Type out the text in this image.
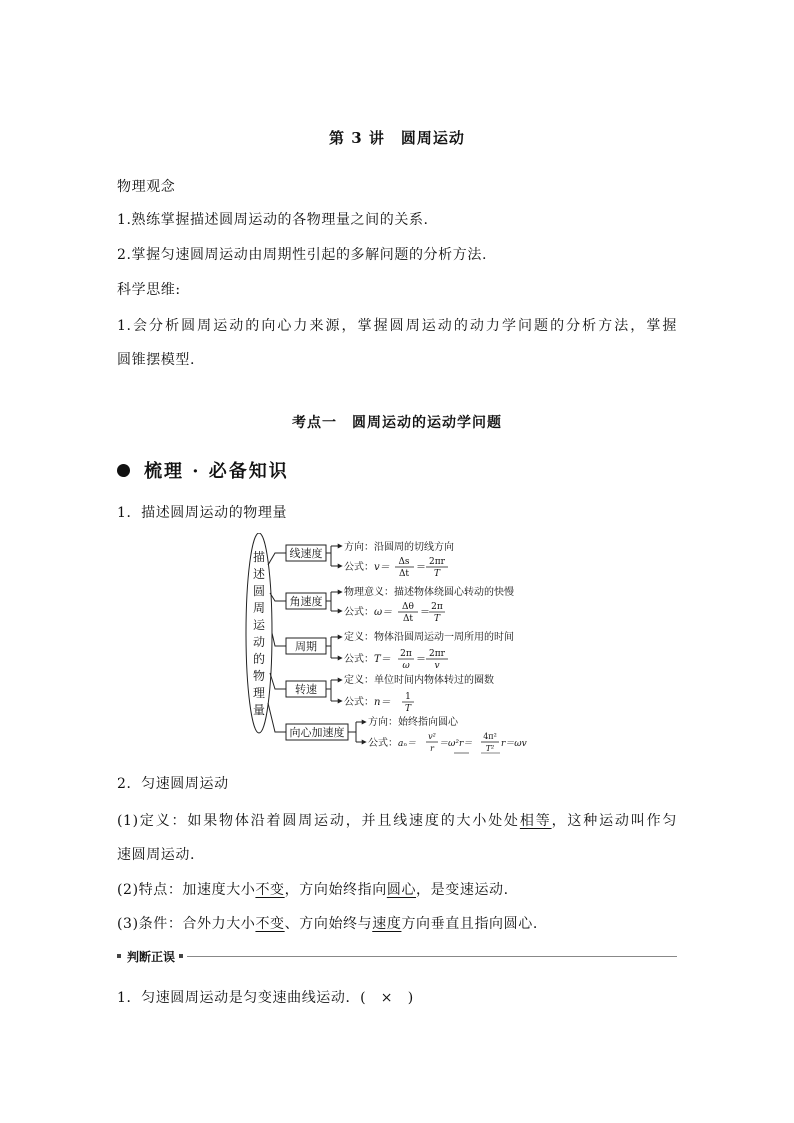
第 3 讲　圆周运动
物理观念
1.熟练掌握描述圆周运动的各物理量之间的关系.
2.掌握匀速圆周运动由周期性引起的多解问题的分析方法.
科学思维:
1.会分析圆周运动的向心力来源，掌握圆周运动的动力学问题的分析方法，掌握
圆锥摆模型.
考点一　圆周运动的运动学问题
梳理 · 必备知识
1．描述圆周运动的物理量
描
述
圆
周
运
动
的
物
理
量
线速度
角速度
周期
转速
向心加速度
方向：沿圆周的切线方向
公式：v＝ Δs
Δt
＝ 2πr
T
物理意义：描述物体绕圆心转动的快慢
公式：ω＝ Δθ
Δt
＝ 2π
T
定义：物体沿圆周运动一周所用的时间
公式：T＝ 2π
ω
＝ 2πr
v
定义：单位时间内物体转过的圈数
公式：n＝ 1
T
方向：始终指向圆心
公式：aₙ＝
v²
r ＝ω²r＝
4π²
T² r＝ωv
2．匀速圆周运动
(1)定义：如果物体沿着圆周运动，并且线速度的大小处处相等，这种运动叫作匀
速圆周运动.
(2)特点：加速度大小不变，方向始终指向圆心，是变速运动.
(3)条件：合外力大小不变、方向始终与速度方向垂直且指向圆心.
判断正误
1．匀速圆周运动是匀变速曲线运动．(　×　)
